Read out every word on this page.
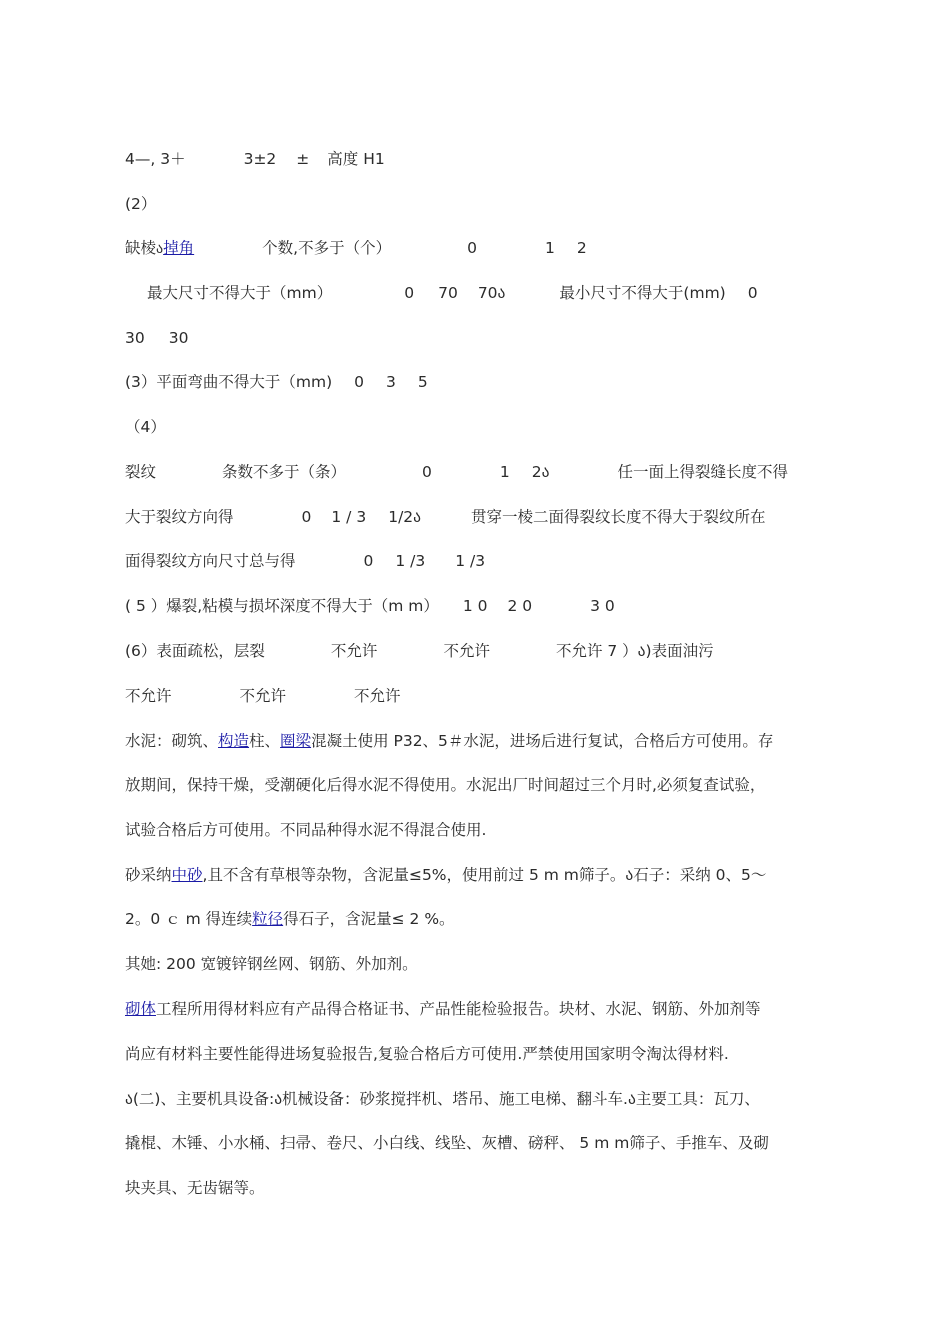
4—, 3＋	3±2 ± 高度 H1
(2）
缺棱ა掉角	个数,不多于（个）	0	1 2
最大尺寸不得大于（mm）	0 70 70ა	最小尺寸不得大于(mm) 0
30 30
(3）平面弯曲不得大于（mm) 0 3 5
（4）
裂纹	条数不多于（条）	0	1 2ა	任一面上得裂缝长度不得
大于裂纹方向得	0 1 / 3 1/2ა	贯穿一棱二面得裂纹长度不得大于裂纹所在
面得裂纹方向尺寸总与得	0 1 /3 1 /3
( 5 ）爆裂,粘模与损坏深度不得大于（m m） 1 0 2 0	3 0
(6）表面疏松，层裂	不允许	不允许	不允许 7 ）ა)表面油污
不允许	不允许	不允许
水泥：砌筑、构造柱、圈梁混凝土使用 P32、5＃水泥，进场后进行复试，合格后方可使用。存
放期间，保持干燥，受潮硬化后得水泥不得使用。水泥出厂时间超过三个月时,必须复查试验，
试验合格后方可使用。不同品种得水泥不得混合使用.
砂采纳中砂,且不含有草根等杂物，含泥量≤5%，使用前过 5 m m筛子。ა石子：采纳 0、5～
2。0 ｃ m 得连续粒径得石子，含泥量≤ 2 %。
其她: 200 宽镀锌钢丝网、钢筋、外加剂。
砌体工程所用得材料应有产品得合格证书、产品性能检验报告。块材、水泥、钢筋、外加剂等
尚应有材料主要性能得进场复验报告,复验合格后方可使用.严禁使用国家明令淘汰得材料.
ა(二)、主要机具设备:ა机械设备：砂浆搅拌机、塔吊、施工电梯、翻斗车.ა主要工具：瓦刀、
撬棍、木锤、小水桶、扫帚、卷尺、小白线、线坠、灰槽、磅秤、 5 m m筛子、手推车、及砌
块夹具、无齿锯等。
